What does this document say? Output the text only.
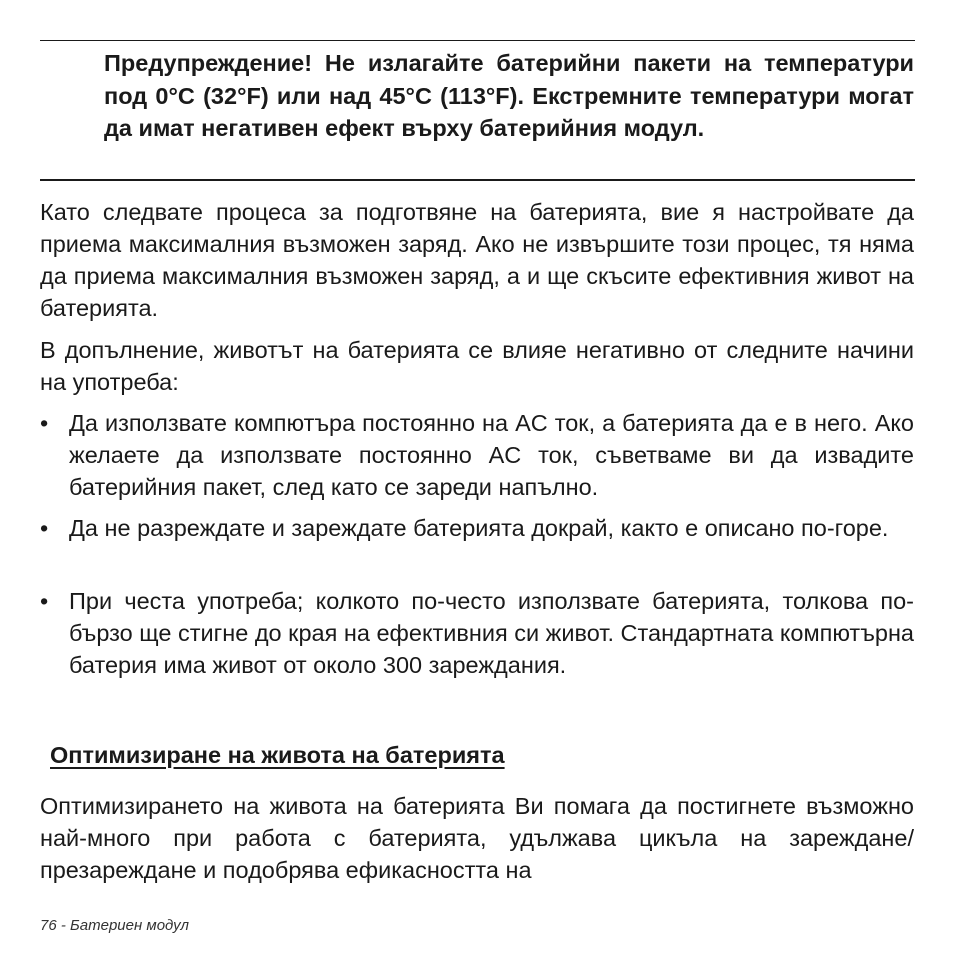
Предупреждение! Не излагайте батерийни пакети на температури под 0°C (32°F) или над 45°C (113°F). Екстремните температури могат да имат негативен ефект върху батерийния модул.

Като следвате процеса за подготвяне на батерията, вие я настройвате да приема максималния възможен заряд. Ако не извършите този процес, тя няма да приема максималния възможен заряд, а и ще скъсите ефективния живот на батерията.

В допълнение, животът на батерията се влияе негативно от следните начини на употреба:

• Да използвате компютъра постоянно на AC ток, а батерията да е в него. Ако желаете да използвате постоянно AC ток, съветваме ви да извадите батерийния пакет, след като се зареди напълно.

• Да не разреждате и зареждате батерията докрай, както е описано по-горе.

• При честа употреба; колкото по-често използвате батерията, толкова по-бързо ще стигне до края на ефективния си живот. Стандартната компютърна батерия има живот от около 300 зареждания.

Оптимизиране на живота на батерията

Оптимизирането на живота на батерията Ви помага да постигнете възможно най-много при работа с батерията, удължава цикъла на зареждане/презареждане и подобрява ефикасността на

76 - Батериен модул
